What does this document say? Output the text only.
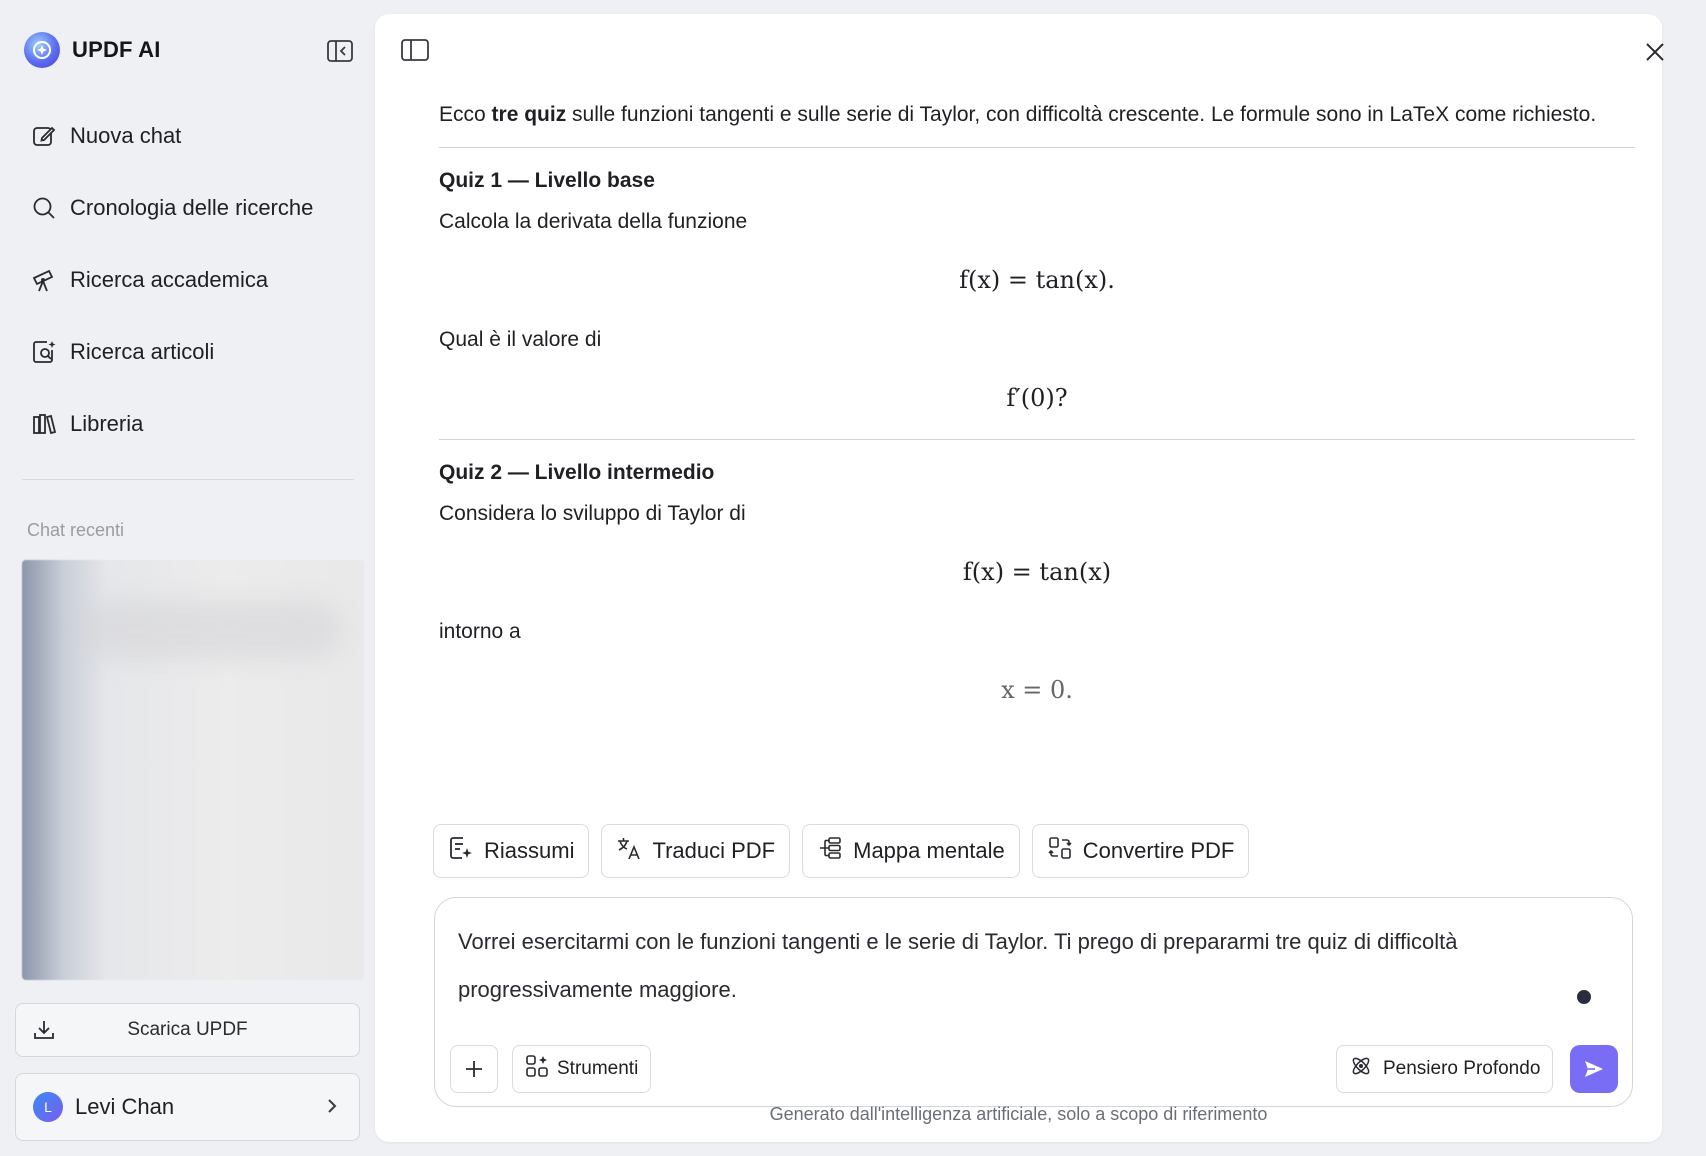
UPDF AI
Nuova chat
Cronologia delle ricerche
Ricerca accademica
Ricerca articoli
Libreria
Chat recenti
Scarica UPDF
L	Levi Chan

Ecco tre quiz sulle funzioni tangenti e sulle serie di Taylor, con difficoltà crescente. Le formule sono in LaTeX come richiesto.

Quiz 1 — Livello base

Calcola la derivata della funzione

f(x) = tan(x).

Qual è il valore di

f′(0)?

Quiz 2 — Livello intermedio

Considera lo sviluppo di Taylor di

f(x) = tan(x)

intorno a

x = 0.

Riassumi	Traduci PDF	Mappa mentale	Convertire PDF
Vorrei esercitarmi con le funzioni tangenti e le serie di Taylor. Ti prego di prepararmi tre quiz di difficoltà progressivamente maggiore.
Strumenti	Pensiero Profondo
Generato dall'intelligenza artificiale, solo a scopo di riferimento
